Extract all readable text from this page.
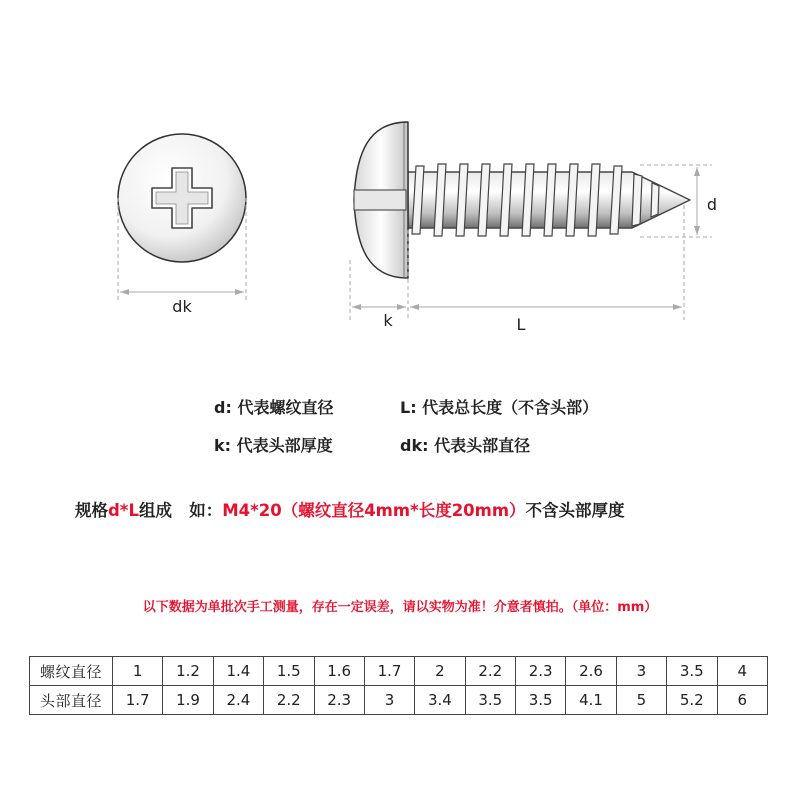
dk
k	L
d
d: 代表螺纹直径	L: 代表总长度（不含头部）
k: 代表头部厚度	dk: 代表头部直径
规格d*L组成   如：M4*20（螺纹直径4mm*长度20mm）不含头部厚度
以下数据为单批次手工测量，存在一定误差，请以实物为准！介意者慎拍。（单位：mm）
螺纹直径	1	1.2	1.4	1.5	1.6	1.7	2	2.2	2.3	2.6	3	3.5	4
头部直径	1.7	1.9	2.4	2.2	2.3	3	3.4	3.5	3.5	4.1	5	5.2	6
